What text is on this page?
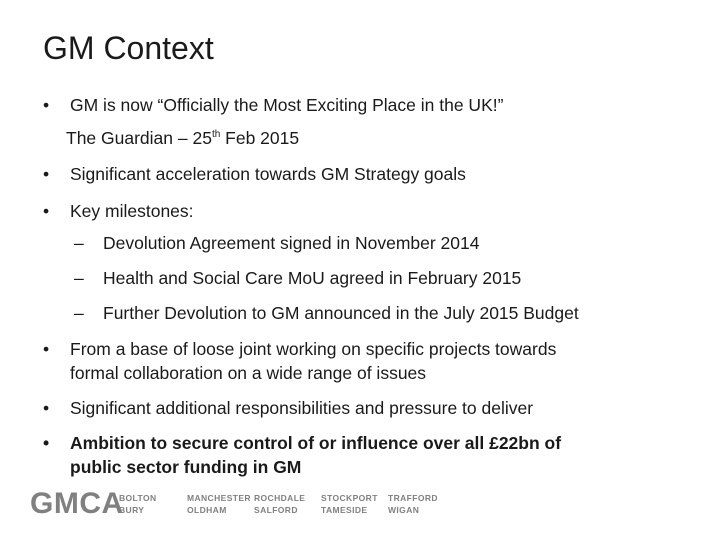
GM Context
• GM is now “Officially the Most Exciting Place in the UK!”
The Guardian – 25th Feb 2015
• Significant acceleration towards GM Strategy goals
• Key milestones:
– Devolution Agreement signed in November 2014
– Health and Social Care MoU agreed in February 2015
– Further Devolution to GM announced in the July 2015 Budget
• From a base of loose joint working on specific projects towards
formal collaboration on a wide range of issues
• Significant additional responsibilities and pressure to deliver
• Ambition to secure control of or influence over all £22bn of
public sector funding in GM
GMCA
BOLTON
BURY
MANCHESTER
OLDHAM
ROCHDALE
SALFORD
STOCKPORT
TAMESIDE
TRAFFORD
WIGAN
